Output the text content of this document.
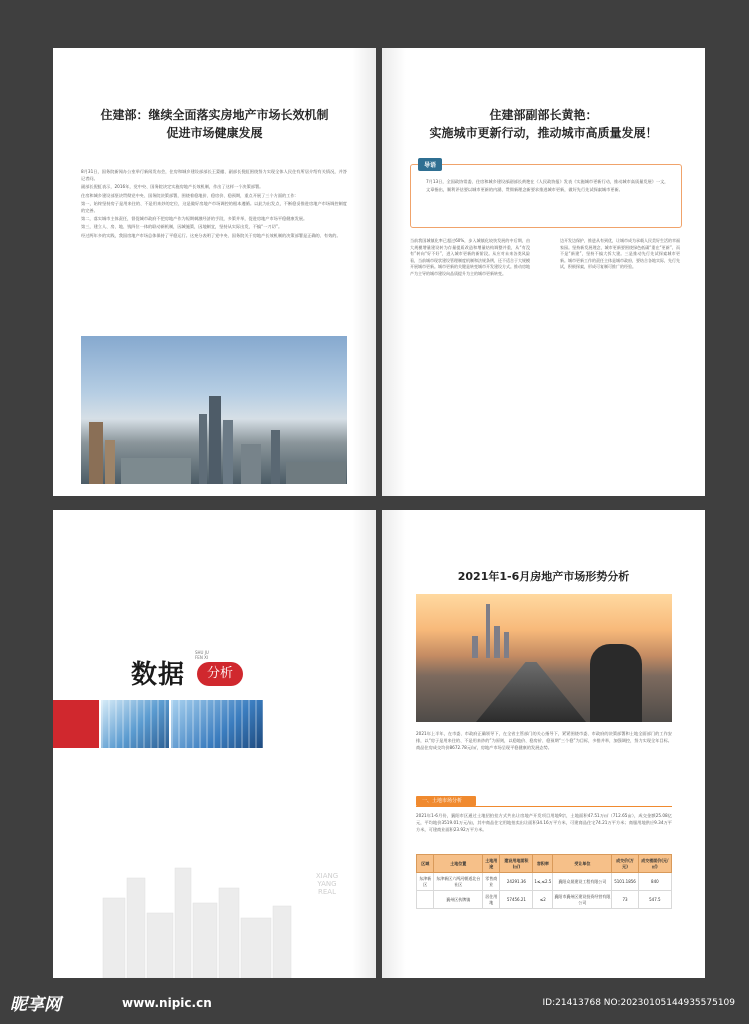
住建部：继续全面落实房地产市场长效机制
促进市场健康发展

8月31日，国务院新闻办公室举行新闻发布会，住房和城乡建设部部长王蒙徽、副部长倪虹围绕努力实现全体人民住有所居介绍有关情况，并答记者问。

副部长倪虹表示，2016年，党中央、国务院决定实施房地产长效机制，作出了这样一个决策部署。

住房和城乡建设部坚决贯彻党中央、国务院决策部署，围绕着稳地价、稳房价、稳预期，重点开展了三个方面的工作：

第一，始终坚持房子是用来住的、不是用来炒的定位，这是做好房地产市场调控的根本遵循。以此为出发点，不断稳妥推进房地产市场调控制度的完善。

第二，落实城市主体责任，督促城市政府不把房地产作为短期刺激经济的手段，多策并举，促进房地产市场平稳健康发展。

第三，建立人、房、地、钱四位一体的联动新机制，因城施策，因地制宜，坚持从实际出发，不搞“一刀切”。

经过两年多的实践，我国房地产市场总体保持了平稳运行。这充分表明了党中央、国务院关于房地产长效机制的决策部署是正确的、有效的。

住建部副部长黄艳：
实施城市更新行动，推动城市高质量发展！
导语
7月13日，全国政协常委、住房和城乡建设部副部长黄艳在《人民政协报》发表《实施城市更新行动，推动城市高质量发展》一文，文章指出，顺利评估要以城市更新的内涵、贯彻新理念新要求推进城市更新，做好先行先试探索城市更新。
当前我国城镇化率已超过60%，步入城镇化较快发展的中后期，由大规模增量建设转为存量提质改造和增量结构调整并重，从“有没有”转向“好不好”，进入城市更新的新阶段。从应对未来各类风险看，当前城市现状建设管理制度机制和法规条例，还不适合于大规模开展城市更新。城市更新的关键是转变城市开发建设方式。推动房地产为主导的城市建设向品质提升为主的城市更新转变。
边开发边保护，推进从有到优，让城市成为承载人民美好生活的幸福家园。坚持新发展理念，城市更新要围绕绿色低碳“重在“更新”、而不是“新建”，坚持不搞大拆大建。三是推动先行先试探索城市更新。城市更新工作的责任主体是城市政府，要结合各地实际，先行先试，积极探索，形成可复制可推广的经验。
SHU JU
FEN XI
数据	分析
XIANG YANG REAL
2021年1-6月房地产市场形势分析
2021年上半年，在市委、市政府正确领导下，在全省主管部门的关心指导下，紧紧围绕市委、市政府的决策部署和土地全面部门的工作安排，以“房子是用来住的、不是用来炒的”为原则，以稳地价、稳房价、稳预期“三个稳”为目标，多措并举，加强调控，努力实现全年目标。商品住房成交均价8672.78元/㎡，房地产市场呈现平稳健康的发展态势。
一、土地市场分析
2021年1-6月份，襄阳市区通过土地招拍挂方式共出让房地产开发项目用地9宗，土地面积47.51万㎡（712.65亩），成交金额25.08亿元，平均地价3519.01万元/亩，其中商品住宅用地拍卖出让面积34.16万平方米，可建商品住宅74.21万平方米；商服用地供应9.34万平方米，可建商业面积23.92万平方米。
区域	土地位置	土地用途	建设用地面积(㎡)	容积率	受让单位	成交价(万元)	成交楼面价(元/㎡)
东津新区	东津新区六两河朝道北台社区	零售商业	24291.36	1≤,≤2.5	襄阳众晟建设工程有限公司	5101.1856	840
	襄州区伙牌镇	居住用地	57456.21	≤2	襄阳市襄州区建设投资经营有限公司	73	547.5
昵享网	www.nipic.cn	ID:21413768 NO:20230105144935575109
